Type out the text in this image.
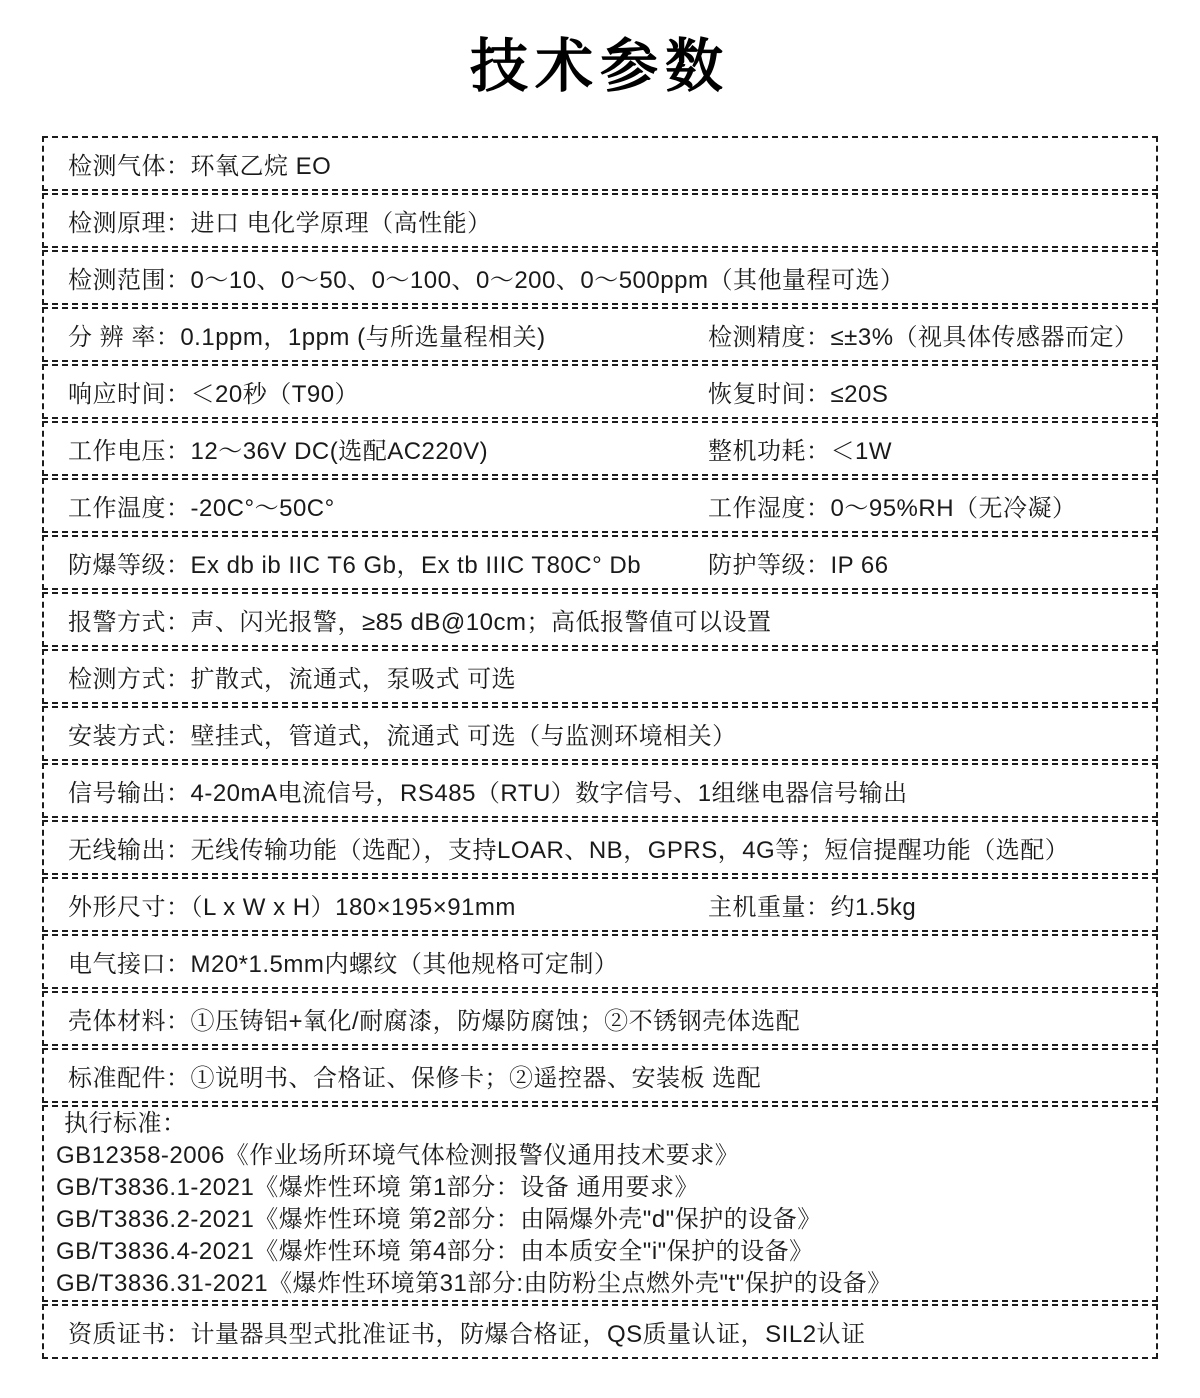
技术参数
检测气体：环氧乙烷 EO
检测原理：进口 电化学原理（高性能）
检测范围：0～10、0～50、0～100、0～200、0～500ppm（其他量程可选）
分 辨 率：0.1ppm，1ppm (与所选量程相关)	检测精度：≤±3%（视具体传感器而定）
响应时间：＜20秒（T90）	恢复时间：≤20S
工作电压：12～36V DC(选配AC220V)	整机功耗：＜1W
工作温度：-20C°～50C°	工作湿度：0～95%RH（无冷凝）
防爆等级：Ex db ib IIC T6 Gb，Ex tb IIIC T80C° Db	防护等级：IP 66
报警方式：声、闪光报警，≥85 dB@10cm；高低报警值可以设置
检测方式：扩散式，流通式，泵吸式 可选
安装方式：壁挂式，管道式，流通式 可选（与监测环境相关）
信号输出：4-20mA电流信号，RS485（RTU）数字信号、1组继电器信号输出
无线输出：无线传输功能（选配），支持LOAR、NB，GPRS，4G等；短信提醒功能（选配）
外形尺寸：（L x W x H）180×195×91mm	主机重量：约1.5kg
电气接口：M20*1.5mm内螺纹（其他规格可定制）
壳体材料：①压铸铝+氧化/耐腐漆，防爆防腐蚀；②不锈钢壳体选配
标准配件：①说明书、合格证、保修卡；②遥控器、安装板 选配
执行标准：
GB12358-2006《作业场所环境气体检测报警仪通用技术要求》
GB/T3836.1-2021《爆炸性环境 第1部分：设备 通用要求》
GB/T3836.2-2021《爆炸性环境 第2部分：由隔爆外壳"d"保护的设备》
GB/T3836.4-2021《爆炸性环境 第4部分：由本质安全"i"保护的设备》
GB/T3836.31-2021《爆炸性环境第31部分:由防粉尘点燃外壳"t"保护的设备》
资质证书：计量器具型式批准证书，防爆合格证，QS质量认证，SIL2认证
